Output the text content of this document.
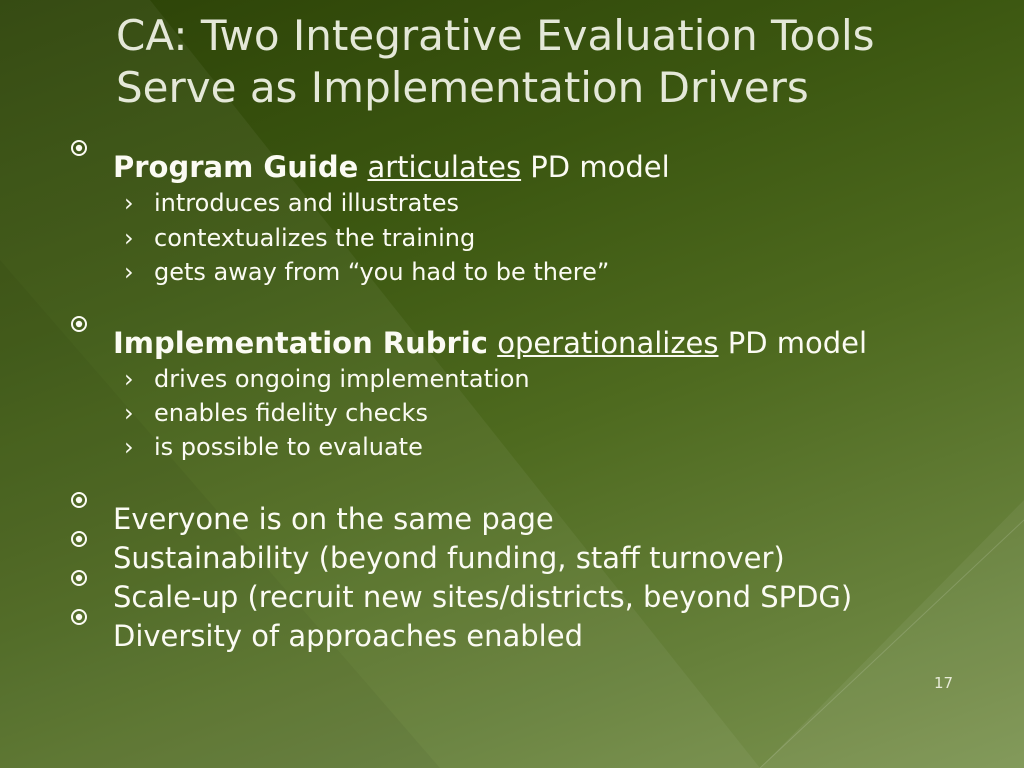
CA: Two Integrative Evaluation Tools Serve as Implementation Drivers
Program Guide articulates PD model
› introduces and illustrates
› contextualizes the training
› gets away from “you had to be there”
Implementation Rubric operationalizes PD model
› drives ongoing implementation
› enables fidelity checks
› is possible to evaluate
Everyone is on the same page
Sustainability (beyond funding, staff turnover)
Scale-up (recruit new sites/districts, beyond SPDG)
Diversity of approaches enabled
17
